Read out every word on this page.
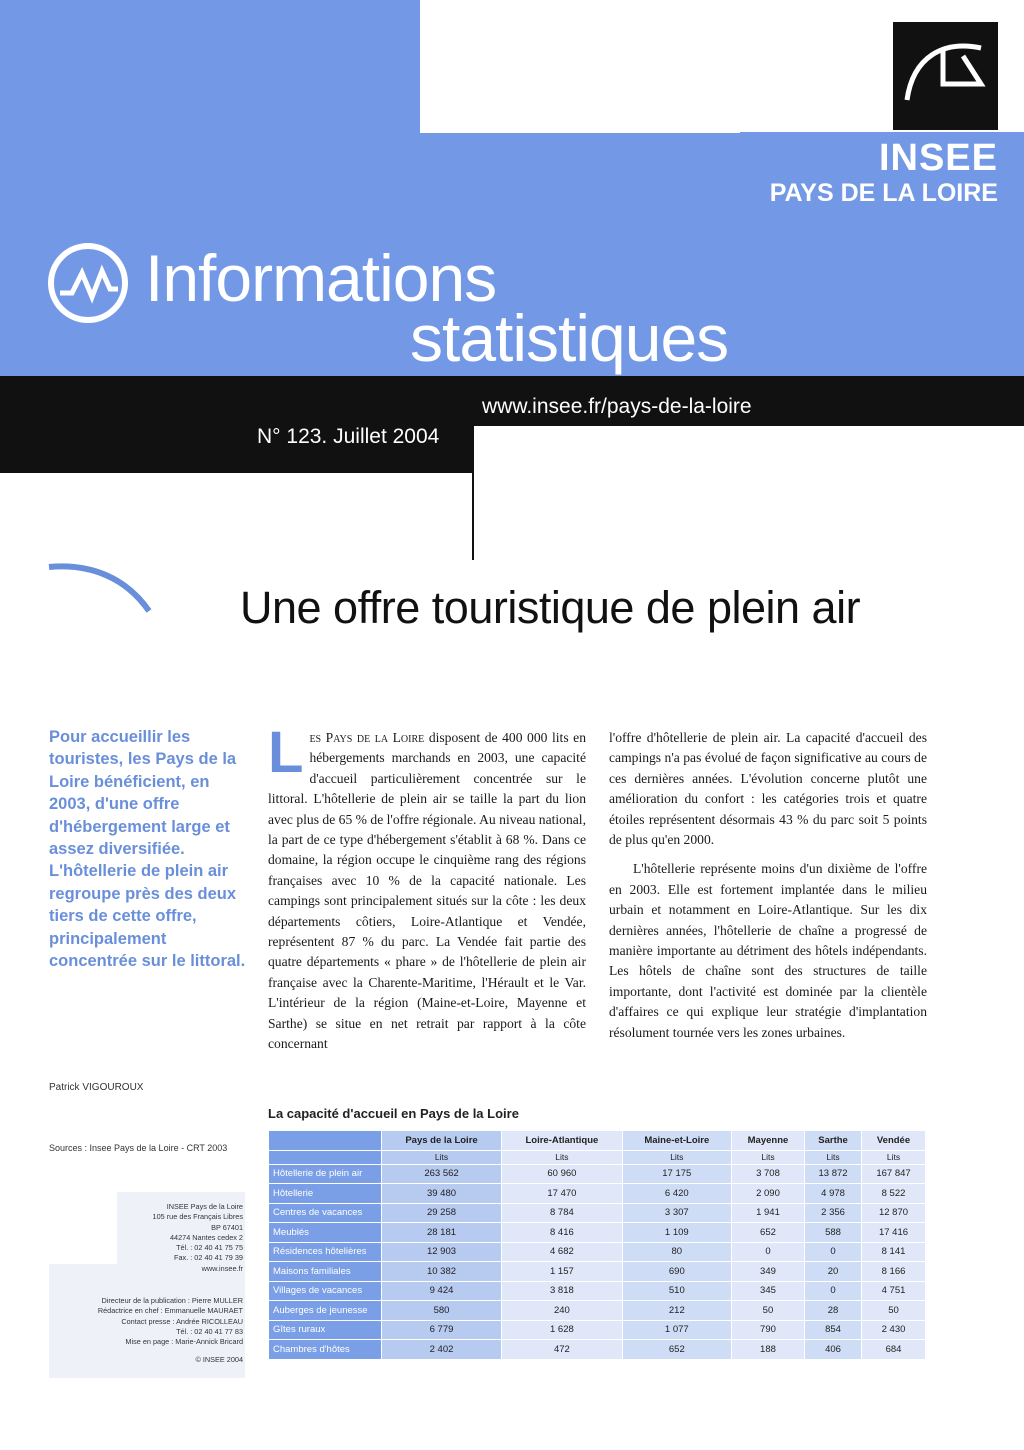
INSEE
PAYS DE LA LOIRE
Informations
statistiques
www.insee.fr/pays-de-la-loire
N° 123. Juillet 2004
Une offre touristique de plein air
Pour accueillir les touristes, les Pays de la Loire bénéficient, en 2003, d'une offre d'hébergement large et assez diversifiée. L'hôtellerie de plein air regroupe près des deux tiers de cette offre, principalement concentrée sur le littoral.
Patrick VIGOUROUX
Sources : Insee Pays de la Loire - CRT 2003

Les Pays de la Loire disposent de 400 000 lits en hébergements marchands en 2003, une capacité d'accueil particulièrement concentrée sur le littoral. L'hôtellerie de plein air se taille la part du lion avec plus de 65 % de l'offre régionale. Au niveau national, la part de ce type d'hébergement s'établit à 68 %. Dans ce domaine, la région occupe le cinquième rang des régions françaises avec 10 % de la capacité nationale. Les campings sont principalement situés sur la côte : les deux départements côtiers, Loire-Atlantique et Vendée, représentent 87 % du parc. La Vendée fait partie des quatre départements « phare » de l'hôtellerie de plein air française avec la Charente-Maritime, l'Hérault et le Var. L'intérieur de la région (Maine-et-Loire, Mayenne et Sarthe) se situe en net retrait par rapport à la côte concernant

l'offre d'hôtellerie de plein air. La capacité d'accueil des campings n'a pas évolué de façon significative au cours de ces dernières années. L'évolution concerne plutôt une amélioration du confort : les catégories trois et quatre étoiles représentent désormais 43 % du parc soit 5 points de plus qu'en 2000.

L'hôtellerie représente moins d'un dixième de l'offre en 2003. Elle est fortement implantée dans le milieu urbain et notamment en Loire-Atlantique. Sur les dix dernières années, l'hôtellerie de chaîne a progressé de manière importante au détriment des hôtels indépendants. Les hôtels de chaîne sont des structures de taille importante, dont l'activité est dominée par la clientèle d'affaires ce qui explique leur stratégie d'implantation résolument tournée vers les zones urbaines.

INSEE Pays de la Loire
105 rue des Français Libres
BP 67401
44274 Nantes cedex 2
Tél. : 02 40 41 75 75
Fax. : 02 40 41 79 39
www.insee.fr
Directeur de la publication : Pierre MULLER
Rédactrice en chef : Emmanuelle MAURAET
Contact presse : Andrée RICOLLEAU
Tél. : 02 40 41 77 83
Mise en page : Marie-Annick Bricard
© INSEE 2004
La capacité d'accueil en Pays de la Loire
	Pays de la Loire	Loire-Atlantique	Maine-et-Loire	Mayenne	Sarthe	Vendée
	Lits	Lits	Lits	Lits	Lits	Lits
Hôtellerie de plein air	263 562	60 960	17 175	3 708	13 872	167 847
Hôtellerie	39 480	17 470	6 420	2 090	4 978	8 522
Centres de vacances	29 258	8 784	3 307	1 941	2 356	12 870
Meublés	28 181	8 416	1 109	652	588	17 416
Résidences hôtelières	12 903	4 682	80	0	0	8 141
Maisons familiales	10 382	1 157	690	349	20	8 166
Villages de vacances	9 424	3 818	510	345	0	4 751
Auberges de jeunesse	580	240	212	50	28	50
Gîtes ruraux	6 779	1 628	1 077	790	854	2 430
Chambres d'hôtes	2 402	472	652	188	406	684
